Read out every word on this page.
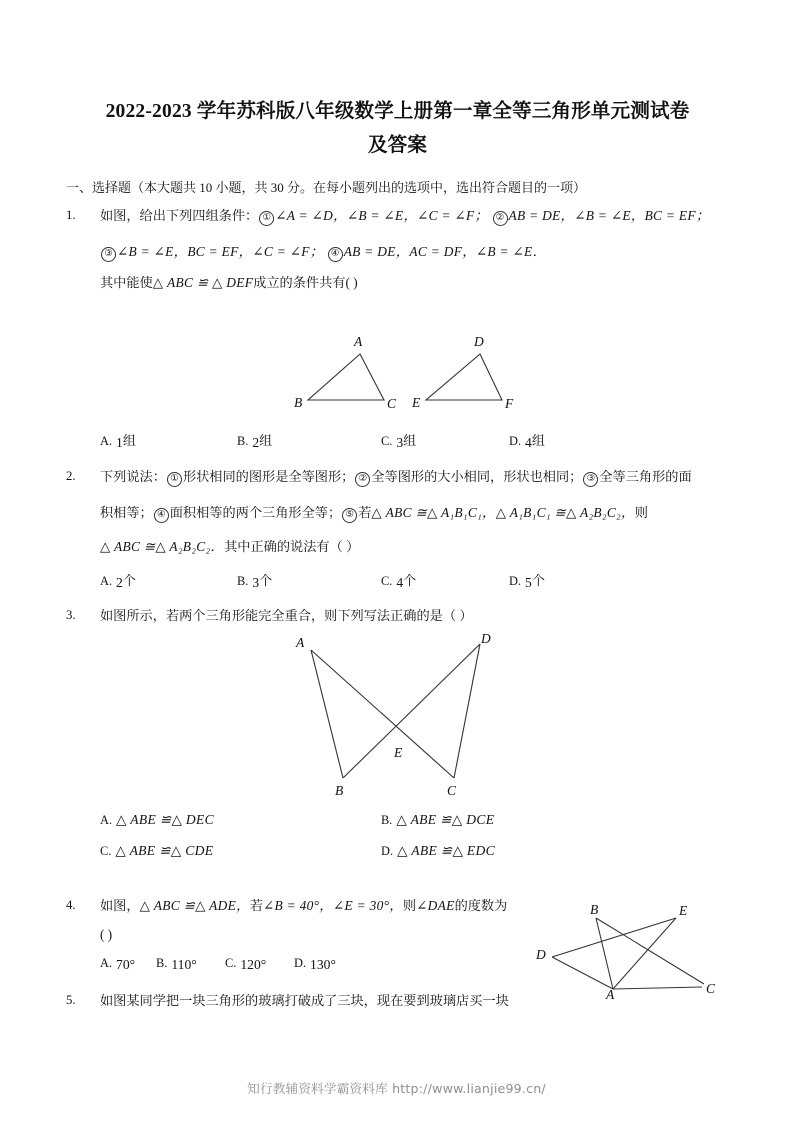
2022-2023 学年苏科版八年级数学上册第一章全等三角形单元测试卷
及答案
一、选择题（本大题共 10 小题，共 30 分。在每小题列出的选项中，选出符合题目的一项）
1.	如图，给出下列四组条件： ① ∠A = ∠D，∠B = ∠E，∠C = ∠F； ② AB = DE，∠B = ∠E，BC = EF；
③ ∠B = ∠E，BC = EF，∠C = ∠F； ④ AB = DE，AC = DF，∠B = ∠E．
其中能使△ ABC ≌ △ DEF成立的条件共有( )
A
B	C
D
E	F
A. 1组	B. 2组	C. 3组	D. 4组
2.	下列说法： ① 形状相同的图形是全等图形； ② 全等图形的大小相同，形状也相同； ③ 全等三角形的面
积相等； ④ 面积相等的两个三角形全等； ⑤ 若△ ABC ≅△ A₁B₁C₁，△ A₁B₁C₁ ≅△ A₂B₂C₂，则
△ ABC ≅△ A₂B₂C₂．其中正确的说法有（ ）
A. 2个	B. 3个	C. 4个	D. 5个
3.	如图所示，若两个三角形能完全重合，则下列写法正确的是（ ）
A
B	C
D
E
A. △ ABE ≌△ DEC	B. △ ABE ≌△ DCE
C. △ ABE ≌△ CDE	D. △ ABE ≌△ EDC
4.	如图，△ ABC ≌△ ADE，若∠B = 40°，∠E = 30°，则∠DAE的度数为
( )
A
B
C
D
E
A. 70° B. 110° C. 120° D. 130°
5.	如图某同学把一块三角形的玻璃打破成了三块，现在要到玻璃店买一块
知行教辅资料学霸资料库 http://www.lianjie99.cn/
